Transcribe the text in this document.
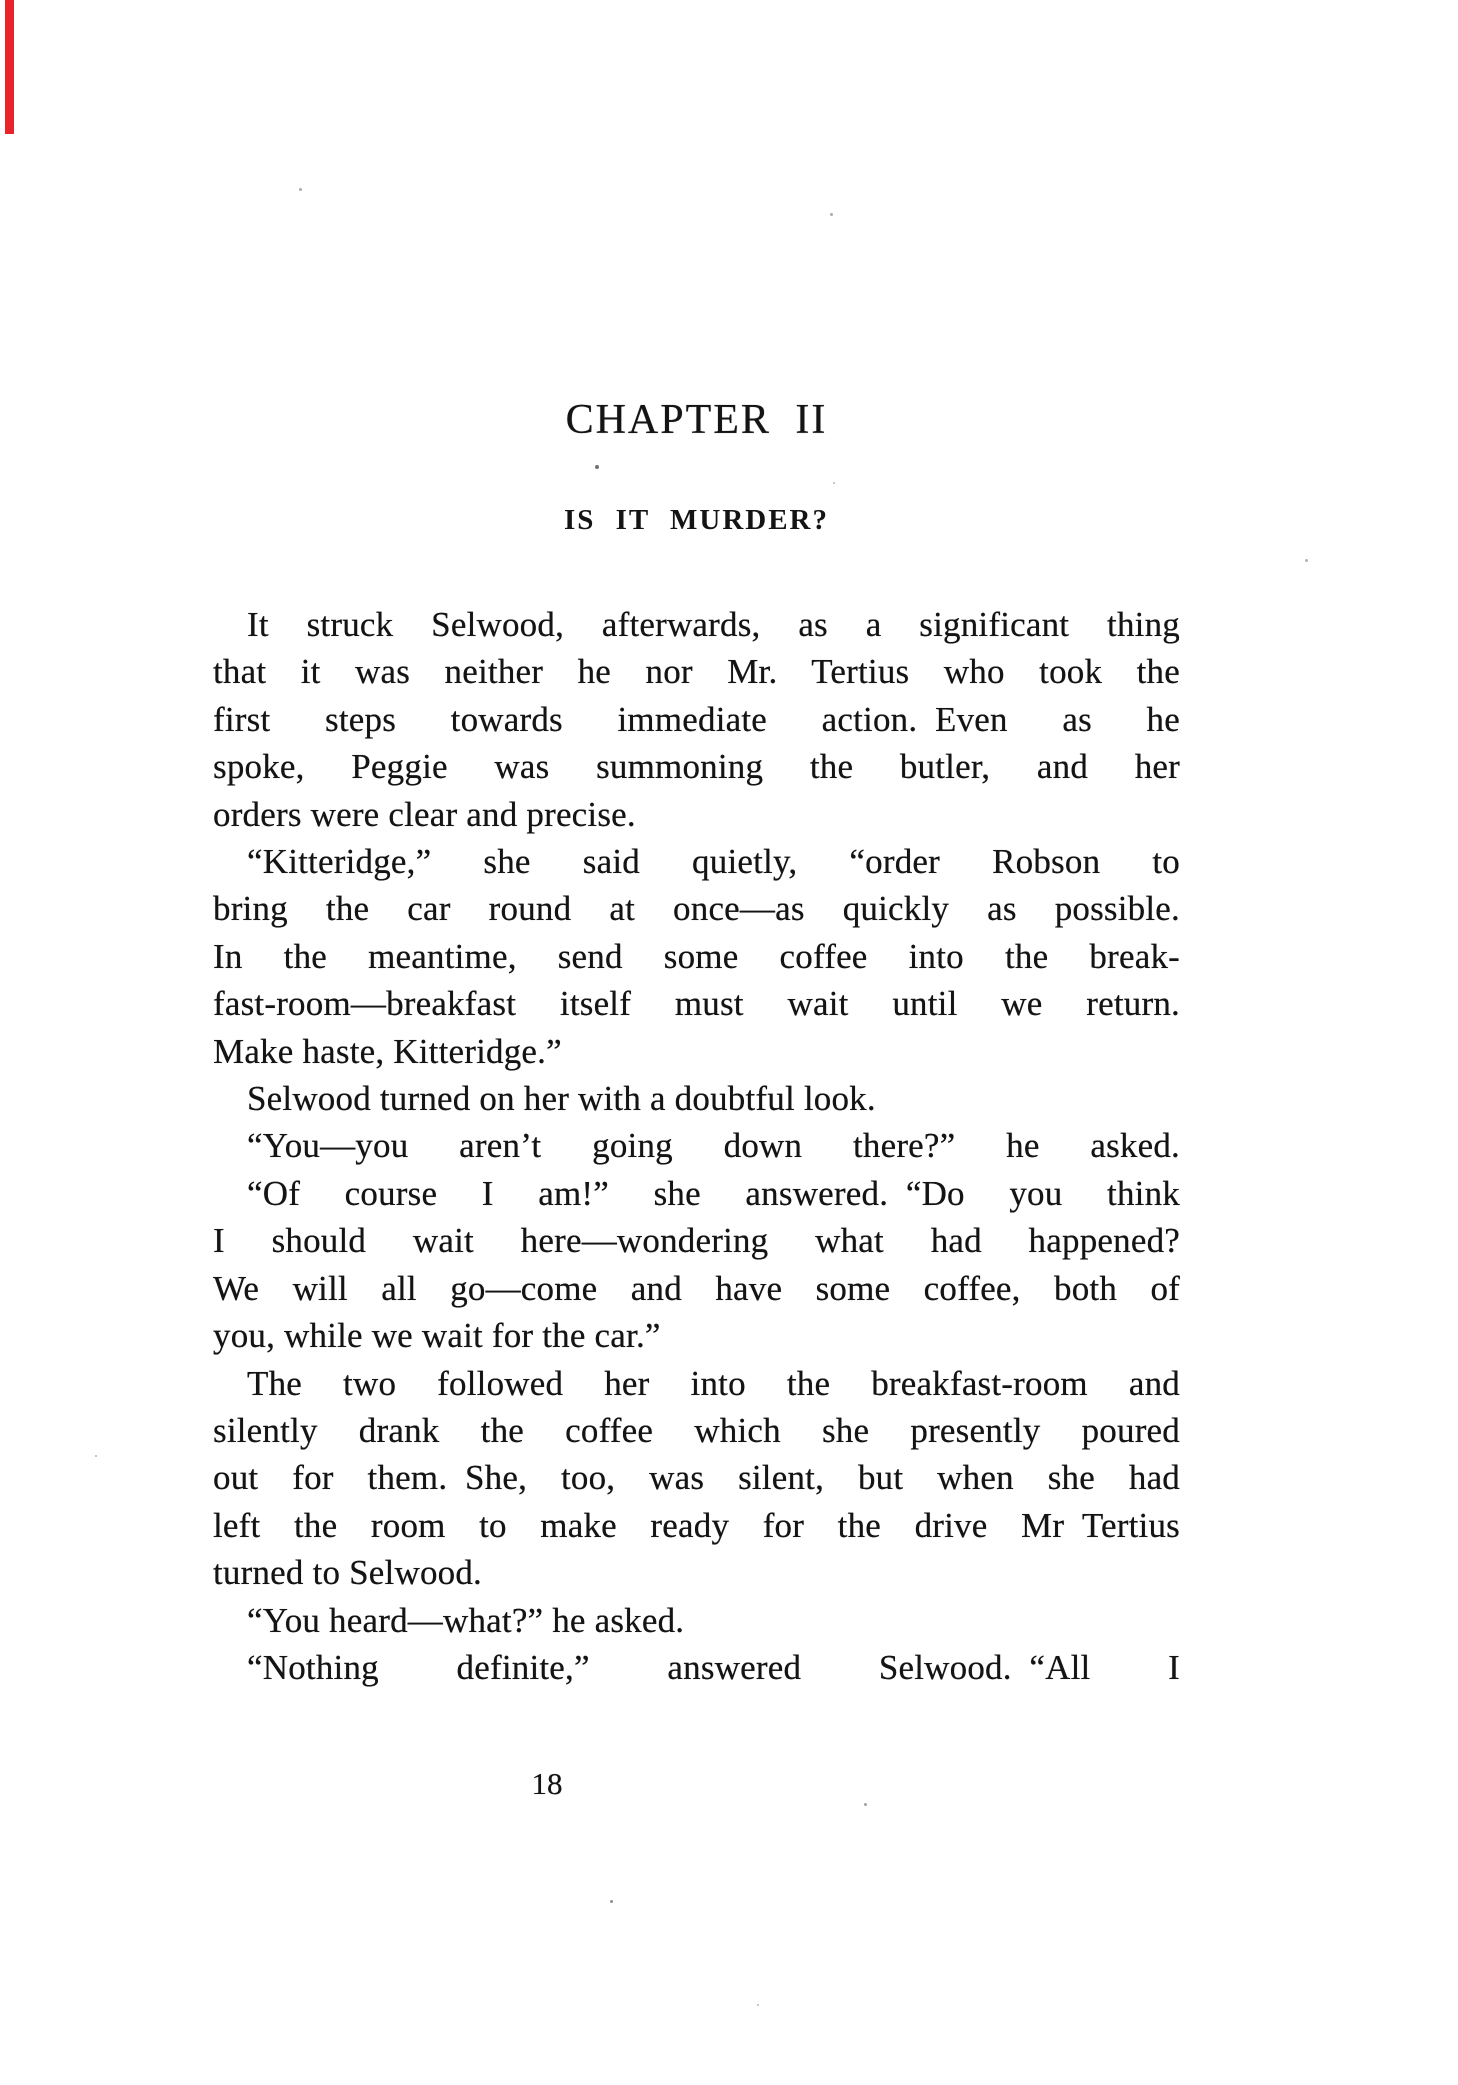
CHAPTER II
IS IT MURDER?
It struck Selwood, afterwards, as a significant thing
that it was neither he nor Mr. Tertius who took the
first steps towards immediate action. Even as he
spoke, Peggie was summoning the butler, and her
orders were clear and precise.
“Kitteridge,” she said quietly, “order Robson to
bring the car round at once—as quickly as possible.
In the meantime, send some coffee into the break-
fast-room—breakfast itself must wait until we return.
Make haste, Kitteridge.”
Selwood turned on her with a doubtful look.
“You—you aren’t going down there?” he asked.
“Of course I am!” she answered. “Do you think
I should wait here—wondering what had happened?
We will all go—come and have some coffee, both of
you, while we wait for the car.”
The two followed her into the breakfast-room and
silently drank the coffee which she presently poured
out for them. She, too, was silent, but when she had
left the room to make ready for the drive Mr Tertius
turned to Selwood.
“You heard—what?” he asked.
“Nothing definite,” answered Selwood. “All I
18
